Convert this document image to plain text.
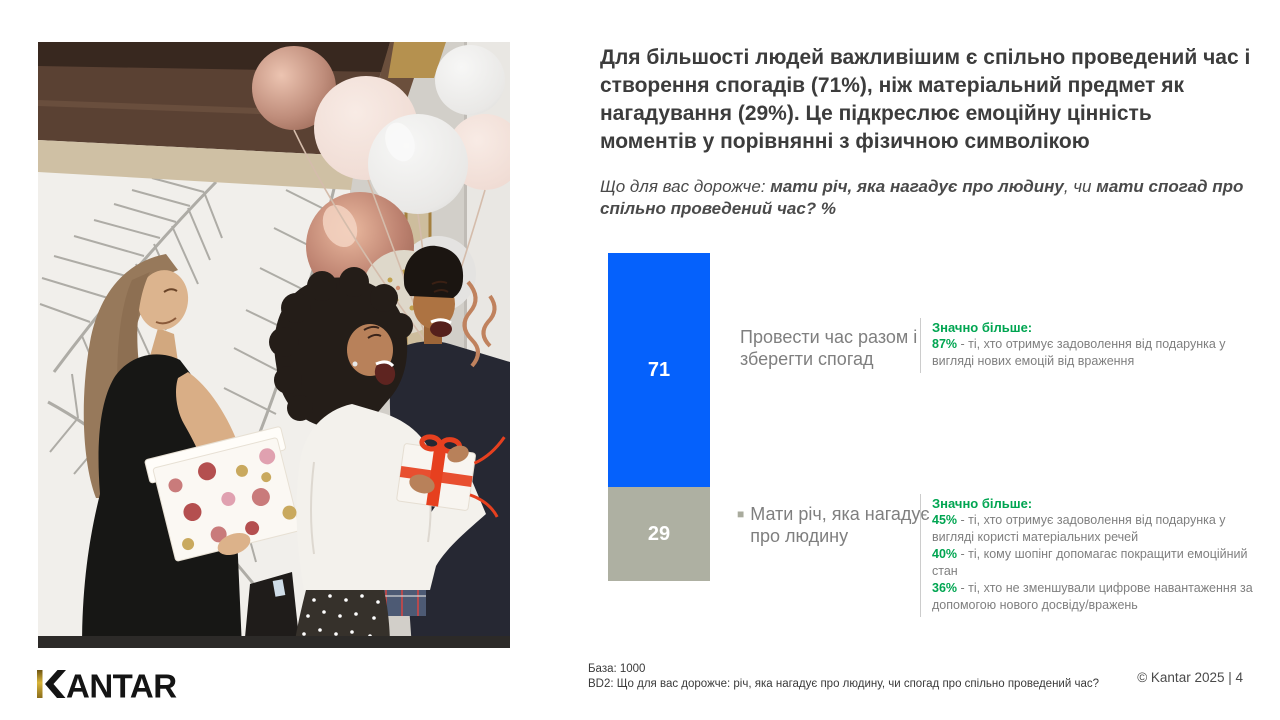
Для більшості людей важливішим є спільно проведений час і створення спогадів (71%), ніж матеріальний предмет як нагадування (29%). Це підкреслює емоційну цінність моментів у порівнянні з фізичною символікою
Що для вас дорожче: мати річ, яка нагадує про людину, чи мати спогад про спільно проведений час? %
71
29
Провести час разом і зберегти спогад
■ Мати річ, яка нагадує про людину
Значно більше:
87% - ті, хто отримує задоволення від подарунка у вигляді нових емоцій від враження
Значно більше:
45% - ті, хто отримує задоволення від подарунка у вигляді користі матеріальних речей
40% - ті, кому шопінг допомагає покращити емоційний стан
36% - ті, хто не зменшували цифрове навантаження за допомогою нового досвіду/вражень
ANTAR	База: 1000
BD2: Що для вас дорожче: річ, яка нагадує про людину, чи спогад про спільно проведений час?	© Kantar 2025 | 4
